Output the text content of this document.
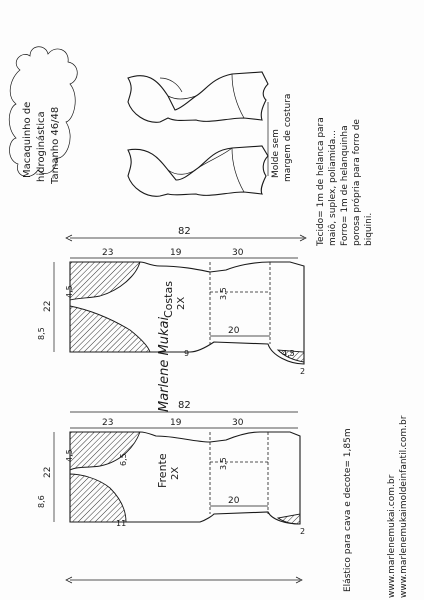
Macaquinho de hidroginástica Tamanho 46/48	Molde sem margem de costura	Tecido= 1m de helanca para maiô, suplex, poliamida... Forro= 1m de helanquinha porosa própria para forro de biquini.
82
23	19	30
Costas 2X
22
4,5
8,5
3,5
20
9	4,5
2
Marlene Mukai 82
23	19	30
Frente 2X
22
4,5
8,6
6,5	3,5
20
11
2	Elástico para cava e decote= 1,85m	www.marlenemukai.com.br www.marlenemukaimoldeinfantil.com.br
